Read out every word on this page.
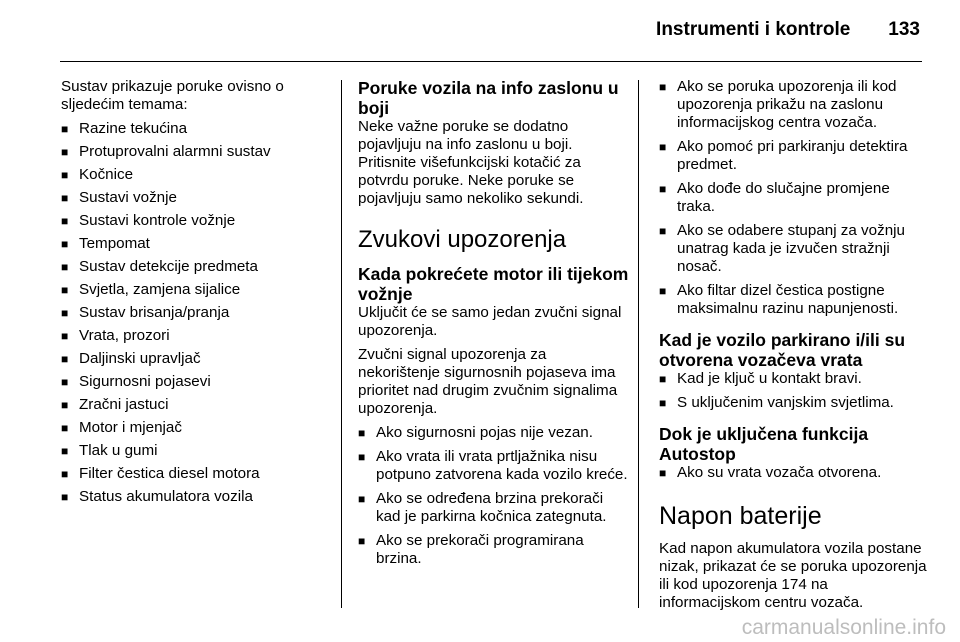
Instrumenti i kontrole 133

Sustav prikazuje poruke ovisno o sljedećim temama:

■ Razine tekućina
■ Protuprovalni alarmni sustav
■ Kočnice
■ Sustavi vožnje
■ Sustavi kontrole vožnje
■ Tempomat
■ Sustav detekcije predmeta
■ Svjetla, zamjena sijalice
■ Sustav brisanja/pranja
■ Vrata, prozori
■ Daljinski upravljač
■ Sigurnosni pojasevi
■ Zračni jastuci
■ Motor i mjenjač
■ Tlak u gumi
■ Filter čestica diesel motora
■ Status akumulatora vozila
Poruke vozila na info zaslonu u boji

Neke važne poruke se dodatno pojavljuju na info zaslonu u boji. Pritisnite višefunkcijski kotačić za potvrdu poruke. Neke poruke se pojavljuju samo nekoliko sekundi.

Zvukovi upozorenja
Kada pokrećete motor ili tijekom vožnje

Uključit će se samo jedan zvučni signal upozorenja.

Zvučni signal upozorenja za nekorištenje sigurnosnih pojaseva ima prioritet nad drugim zvučnim signalima upozorenja.

■ Ako sigurnosni pojas nije vezan.
■ Ako vrata ili vrata prtljažnika nisu potpuno zatvorena kada vozilo kreće.
■ Ako se određena brzina prekorači kad je parkirna kočnica zategnuta.
■ Ako se prekorači programirana brzina.
■ Ako se poruka upozorenja ili kod upozorenja prikažu na zaslonu informacijskog centra vozača.
■ Ako pomoć pri parkiranju detektira predmet.
■ Ako dođe do slučajne promjene traka.
■ Ako se odabere stupanj za vožnju unatrag kada je izvučen stražnji nosač.
■ Ako filtar dizel čestica postigne maksimalnu razinu napunjenosti.
Kad je vozilo parkirano i/ili su otvorena vozačeva vrata
■ Kad je ključ u kontakt bravi.
■ S uključenim vanjskim svjetlima.
Dok je uključena funkcija Autostop
■ Ako su vrata vozača otvorena.
Napon baterije

Kad napon akumulatora vozila postane nizak, prikazat će se poruka upozorenja ili kod upozorenja 174 na informacijskom centru vozača.

carmanualsonline.info
